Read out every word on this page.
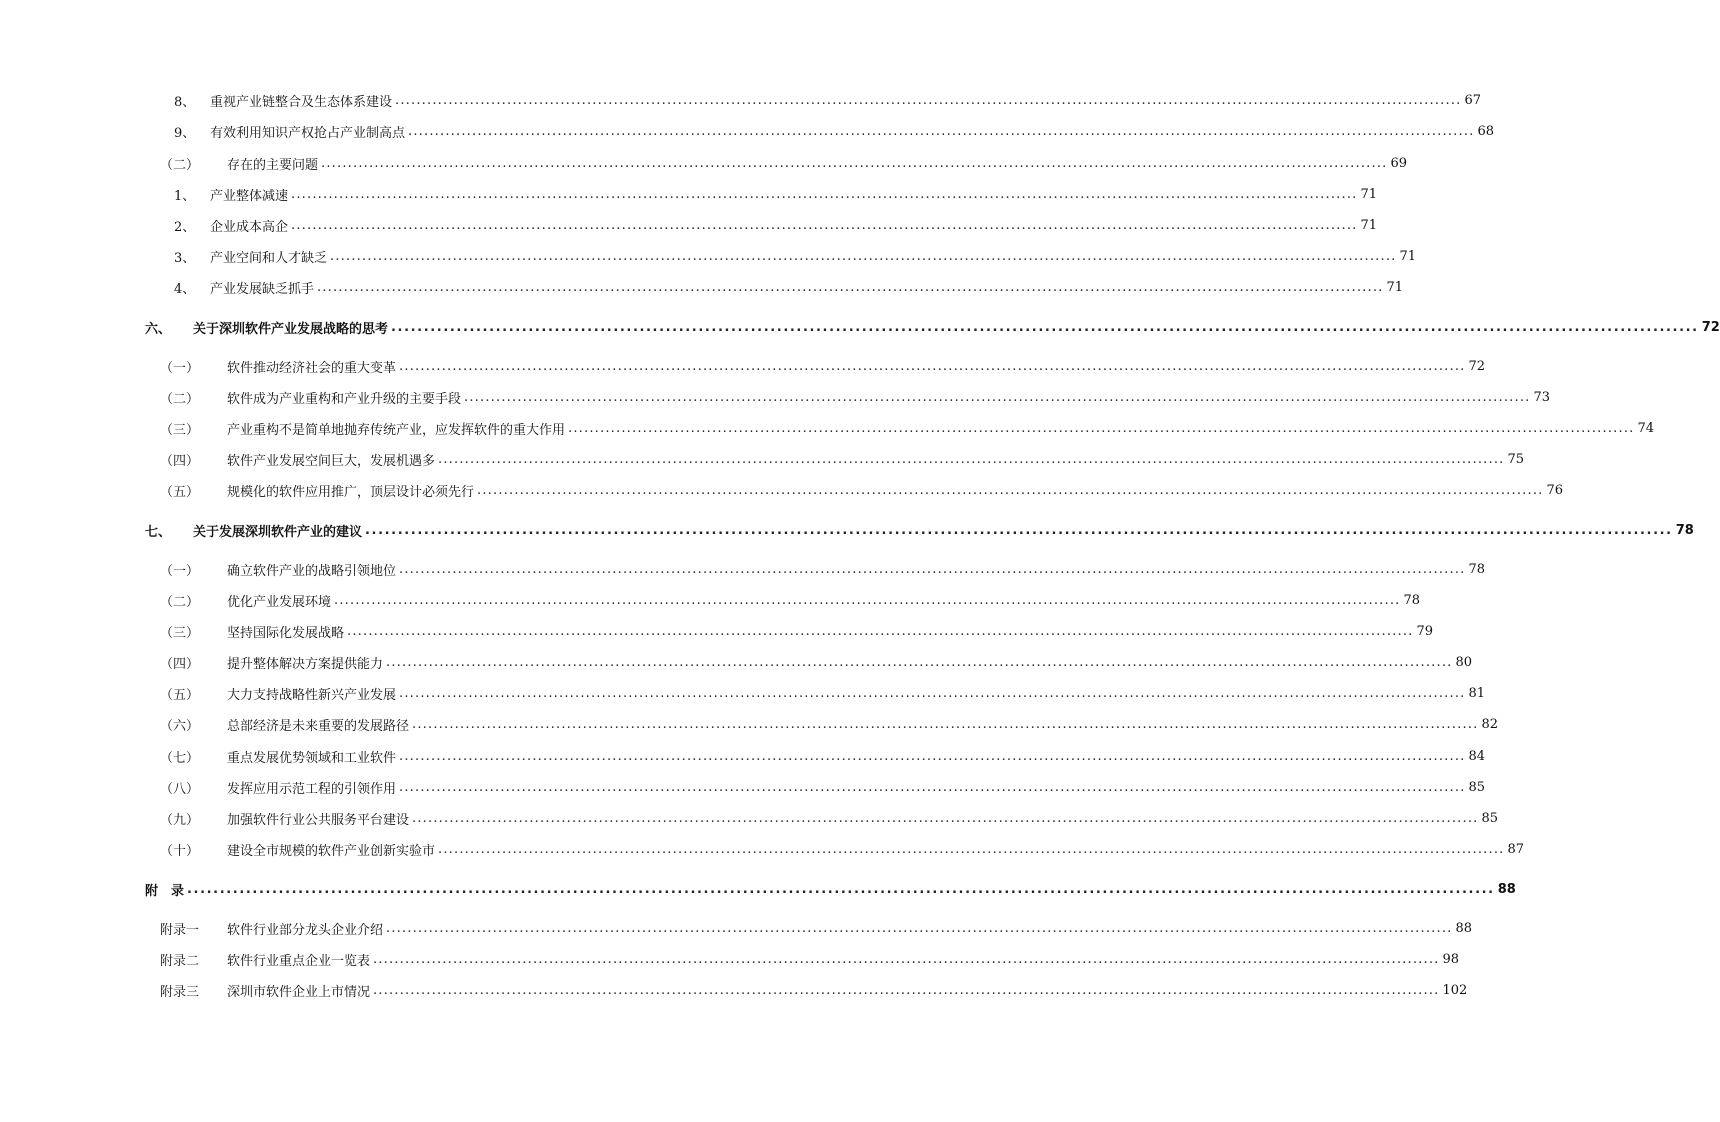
8、	重视产业链整合及生态体系建设 ........................................................................................................................................................................................................ 67
9、	有效利用知识产权抢占产业制高点 ........................................................................................................................................................................................................ 68
（二）	存在的主要问题 ........................................................................................................................................................................................................ 69
1、	产业整体减速 ........................................................................................................................................................................................................ 71
2、	企业成本高企 ........................................................................................................................................................................................................ 71
3、	产业空间和人才缺乏 ........................................................................................................................................................................................................ 71
4、	产业发展缺乏抓手 ........................................................................................................................................................................................................ 71
六、	关于深圳软件产业发展战略的思考 ........................................................................................................................................................................................................ 72
（一）	软件推动经济社会的重大变革 ........................................................................................................................................................................................................ 72
（二）	软件成为产业重构和产业升级的主要手段 ........................................................................................................................................................................................................ 73
（三）	产业重构不是简单地抛弃传统产业，应发挥软件的重大作用 ........................................................................................................................................................................................................ 74
（四）	软件产业发展空间巨大，发展机遇多 ........................................................................................................................................................................................................ 75
（五）	规模化的软件应用推广，顶层设计必须先行 ........................................................................................................................................................................................................ 76
七、	关于发展深圳软件产业的建议 ........................................................................................................................................................................................................ 78
（一）	确立软件产业的战略引领地位 ........................................................................................................................................................................................................ 78
（二）	优化产业发展环境 ........................................................................................................................................................................................................ 78
（三）	坚持国际化发展战略 ........................................................................................................................................................................................................ 79
（四）	提升整体解决方案提供能力 ........................................................................................................................................................................................................ 80
（五）	大力支持战略性新兴产业发展 ........................................................................................................................................................................................................ 81
（六）	总部经济是未来重要的发展路径 ........................................................................................................................................................................................................ 82
（七）	重点发展优势领域和工业软件 ........................................................................................................................................................................................................ 84
（八）	发挥应用示范工程的引领作用 ........................................................................................................................................................................................................ 85
（九）	加强软件行业公共服务平台建设 ........................................................................................................................................................................................................ 85
（十）	建设全市规模的软件产业创新实验市 ........................................................................................................................................................................................................ 87
附　录 ........................................................................................................................................................................................................ 88
附录一	软件行业部分龙头企业介绍 ........................................................................................................................................................................................................ 88
附录二	软件行业重点企业一览表 ........................................................................................................................................................................................................ 98
附录三	深圳市软件企业上市情况 ........................................................................................................................................................................................................ 102
